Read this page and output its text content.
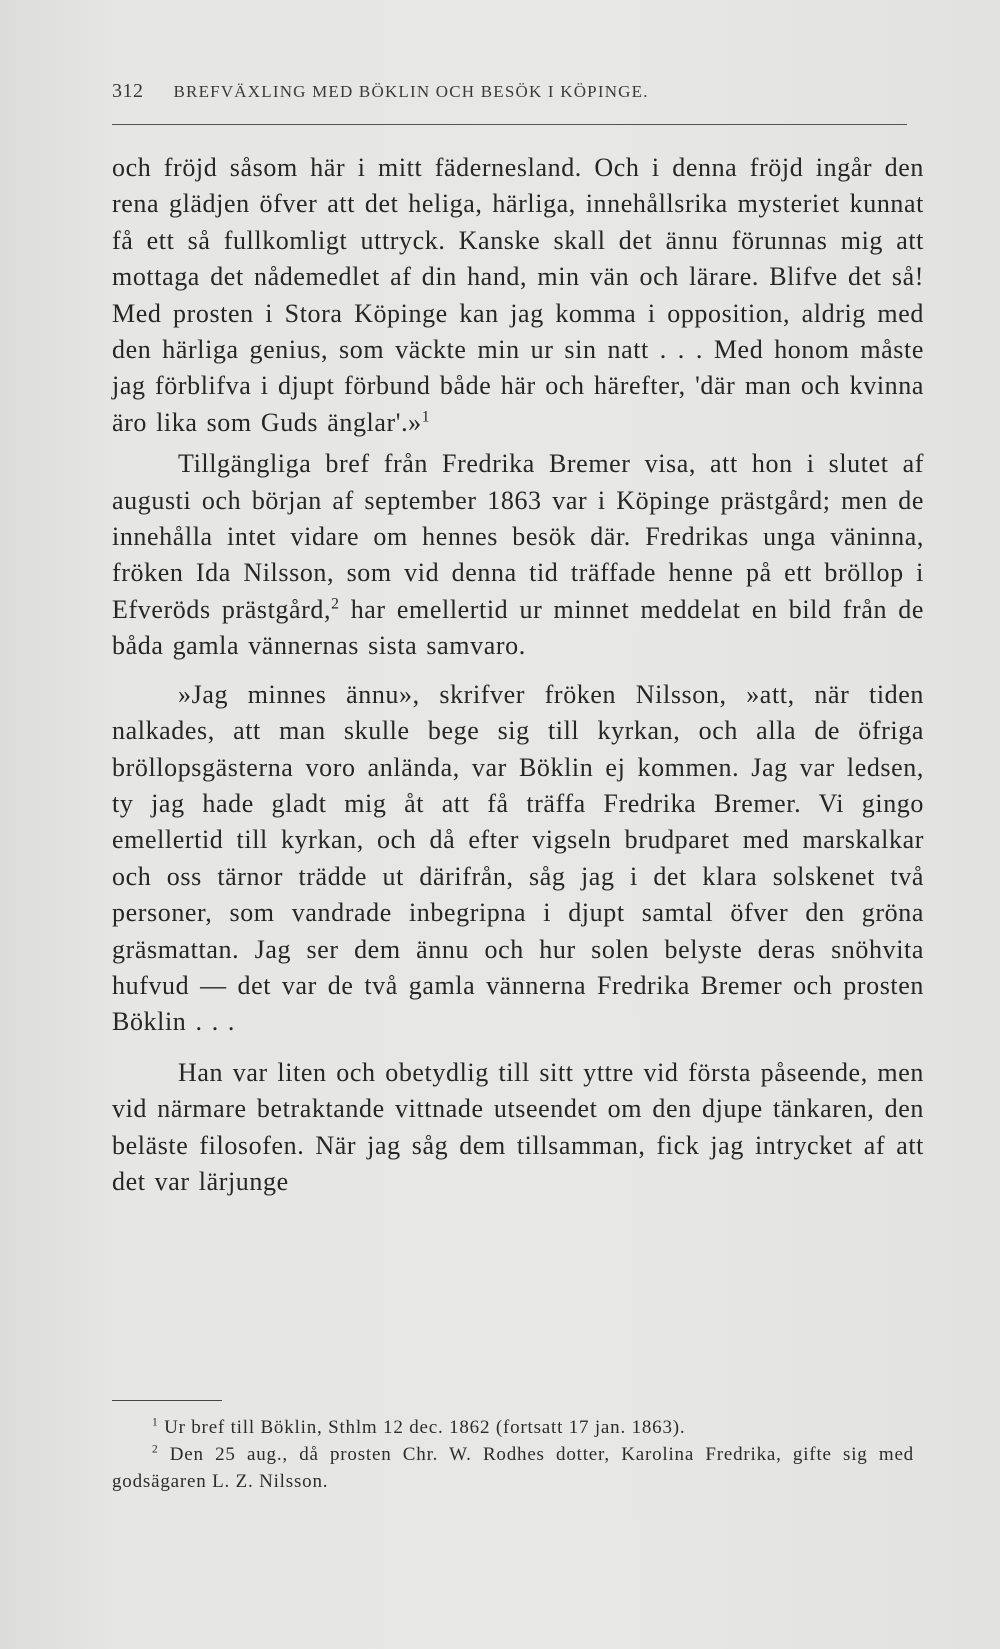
312 BREFVÄXLING MED BÖKLIN OCH BESÖK I KÖPINGE.

och fröjd såsom här i mitt fädernesland. Och i denna fröjd ingår den rena glädjen öfver att det heliga, härliga, innehållsrika mysteriet kunnat få ett så fullkomligt uttryck. Kanske skall det ännu förunnas mig att mottaga det nådemedlet af din hand, min vän och lärare. Blifve det så! Med prosten i Stora Köpinge kan jag komma i opposition, aldrig med den härliga genius, som väckte min ur sin natt . . . Med honom måste jag förblifva i djupt förbund både här och härefter, 'där man och kvinna äro lika som Guds änglar'.»$^1$

Tillgängliga bref från Fredrika Bremer visa, att hon i slutet af augusti och början af september 1863 var i Köpinge prästgård; men de innehålla intet vidare om hennes besök där. Fredrikas unga väninna, fröken Ida Nilsson, som vid denna tid träffade henne på ett bröllop i Efveröds prästgård,$^2$ har emellertid ur minnet meddelat en bild från de båda gamla vännernas sista samvaro.

»Jag minnes ännu», skrifver fröken Nilsson, »att, när tiden nalkades, att man skulle bege sig till kyrkan, och alla de öfriga bröllopsgästerna voro anlända, var Böklin ej kommen. Jag var ledsen, ty jag hade gladt mig åt att få träffa Fredrika Bremer. Vi gingo emellertid till kyrkan, och då efter vigseln brudparet med marskalkar och oss tärnor trädde ut därifrån, såg jag i det klara solskenet två personer, som vandrade inbegripna i djupt samtal öfver den gröna gräsmattan. Jag ser dem ännu och hur solen belyste deras snöhvita hufvud — det var de två gamla vännerna Fredrika Bremer och prosten Böklin . . .

Han var liten och obetydlig till sitt yttre vid första påseende, men vid närmare betraktande vittnade utseendet om den djupe tänkaren, den beläste filosofen. När jag såg dem tillsamman, fick jag intrycket af att det var lärjunge

$^1$ Ur bref till Böklin, Sthlm 12 dec. 1862 (fortsatt 17 jan. 1863).

$^2$ Den 25 aug., då prosten Chr. W. Rodhes dotter, Karolina Fredrika, gifte sig med godsägaren L. Z. Nilsson.
